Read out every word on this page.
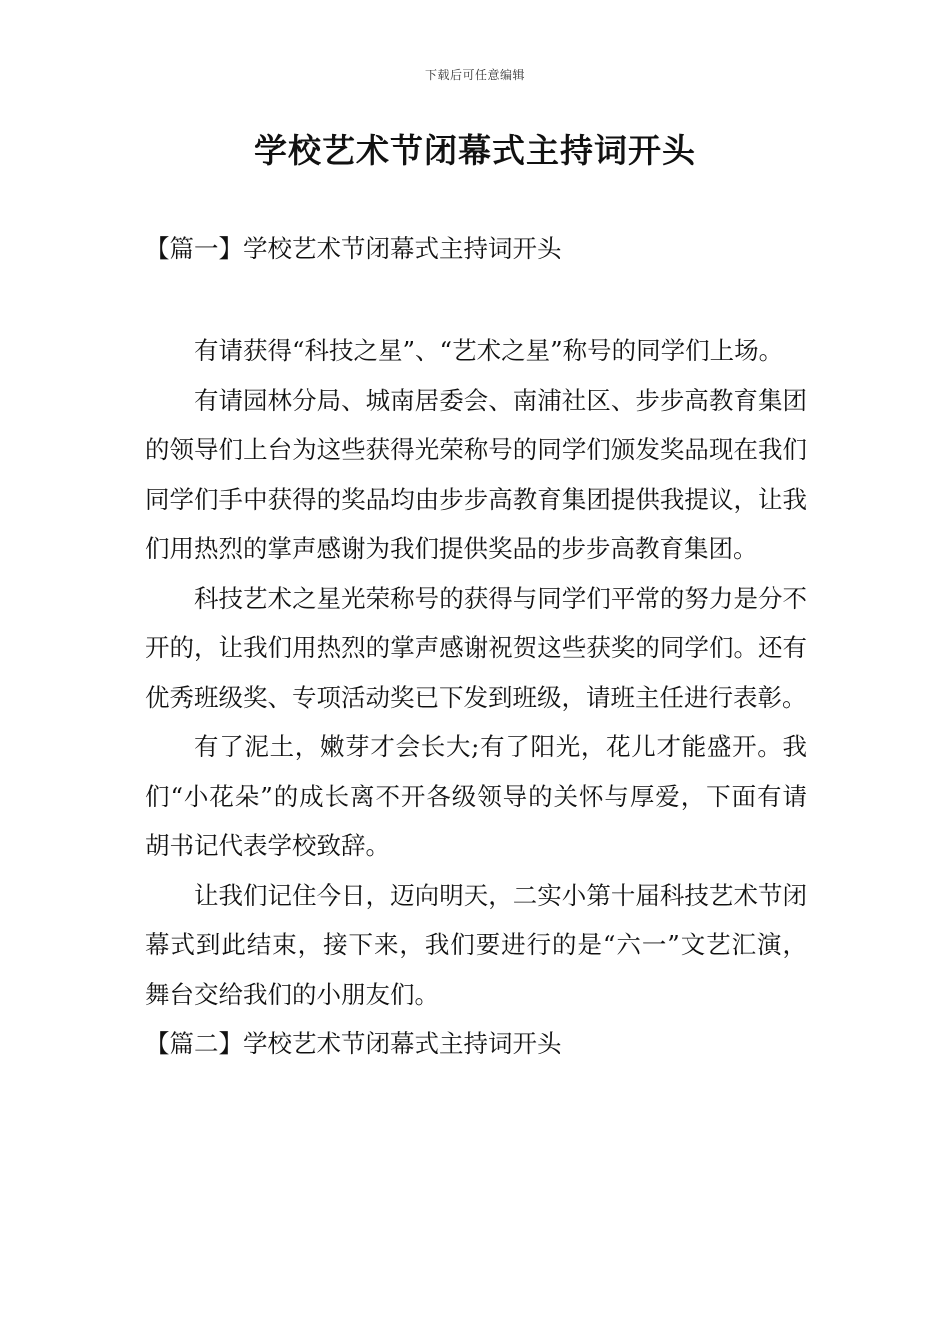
下载后可任意编辑
学校艺术节闭幕式主持词开头
【篇一】学校艺术节闭幕式主持词开头

有请获得“科技之星”、“艺术之星”称号的同学们上场。

有请园林分局、城南居委会、南浦社区、步步高教育集团的领导们上台为这些获得光荣称号的同学们颁发奖品现在我们同学们手中获得的奖品均由步步高教育集团提供我提议，让我们用热烈的掌声感谢为我们提供奖品的步步高教育集团。

科技艺术之星光荣称号的获得与同学们平常的努力是分不开的，让我们用热烈的掌声感谢祝贺这些获奖的同学们。还有优秀班级奖、专项活动奖已下发到班级，请班主任进行表彰。

有了泥土，嫩芽才会长大;有了阳光，花儿才能盛开。我们“小花朵”的成长离不开各级领导的关怀与厚爱，下面有请胡书记代表学校致辞。

让我们记住今日，迈向明天，二实小第十届科技艺术节闭幕式到此结束，接下来，我们要进行的是“六一”文艺汇演，舞台交给我们的小朋友们。

【篇二】学校艺术节闭幕式主持词开头
